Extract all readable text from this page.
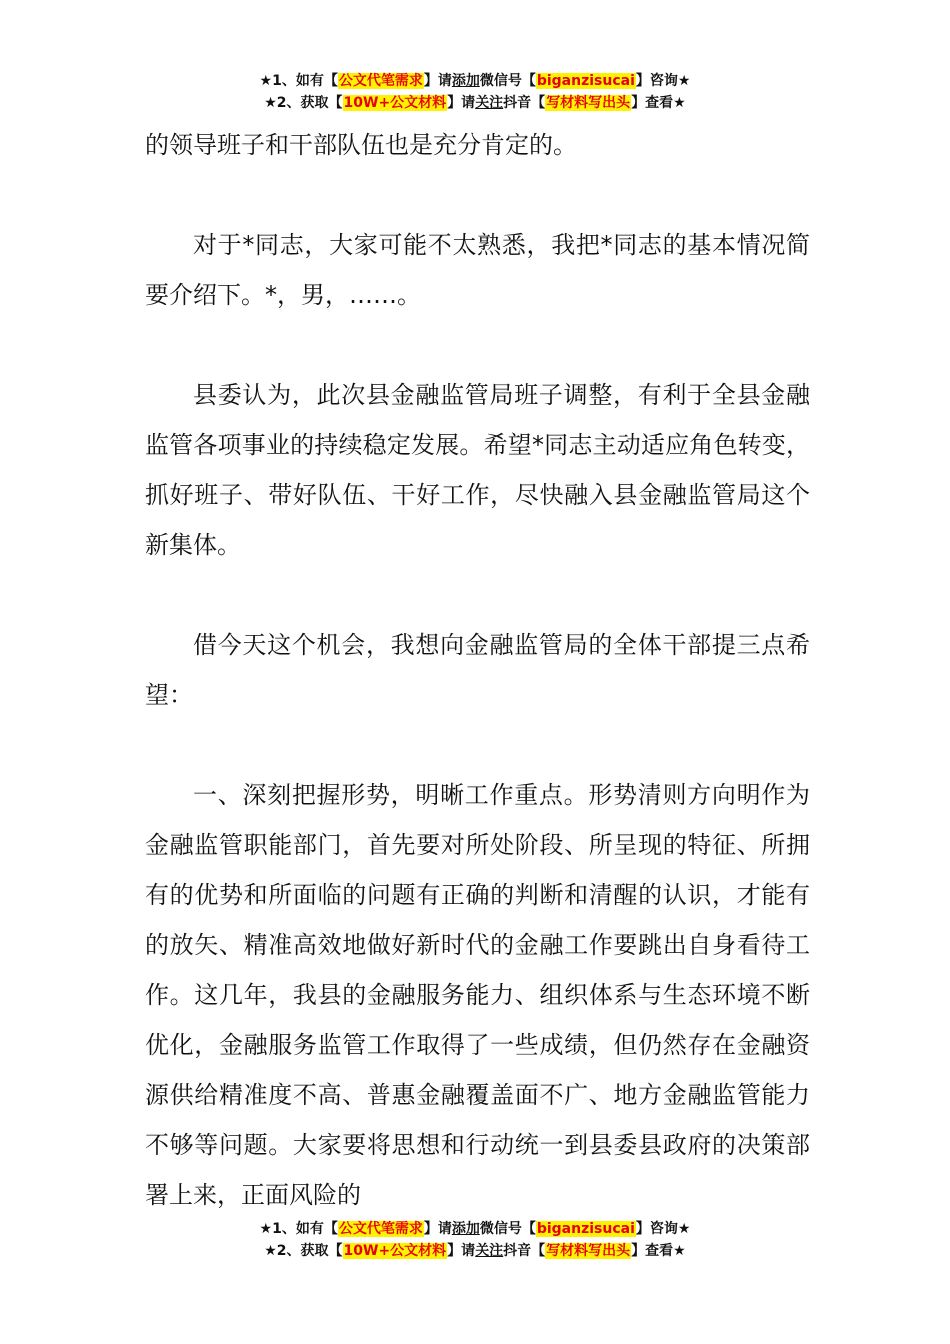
★1、如有【公文代笔需求】请添加微信号【biganzisucai】咨询★
★2、获取【10W+公文材料】请关注抖音【写材料写出头】查看★

的领导班子和干部队伍也是充分肯定的。

对于*同志，大家可能不太熟悉，我把*同志的基本情况简要介绍下。*，男，……。

县委认为，此次县金融监管局班子调整，有利于全县金融监管各项事业的持续稳定发展。希望*同志主动适应角色转变，抓好班子、带好队伍、干好工作，尽快融入县金融监管局这个新集体。

借今天这个机会，我想向金融监管局的全体干部提三点希望：

一、深刻把握形势，明晰工作重点。形势清则方向明作为金融监管职能部门，首先要对所处阶段、所呈现的特征、所拥有的优势和所面临的问题有正确的判断和清醒的认识，才能有的放矢、精准高效地做好新时代的金融工作要跳出自身看待工作。这几年，我县的金融服务能力、组织体系与生态环境不断优化，金融服务监管工作取得了一些成绩，但仍然存在金融资源供给精准度不高、普惠金融覆盖面不广、地方金融监管能力不够等问题。大家要将思想和行动统一到县委县政府的决策部署上来，正面风险的

★1、如有【公文代笔需求】请添加微信号【biganzisucai】咨询★
★2、获取【10W+公文材料】请关注抖音【写材料写出头】查看★
